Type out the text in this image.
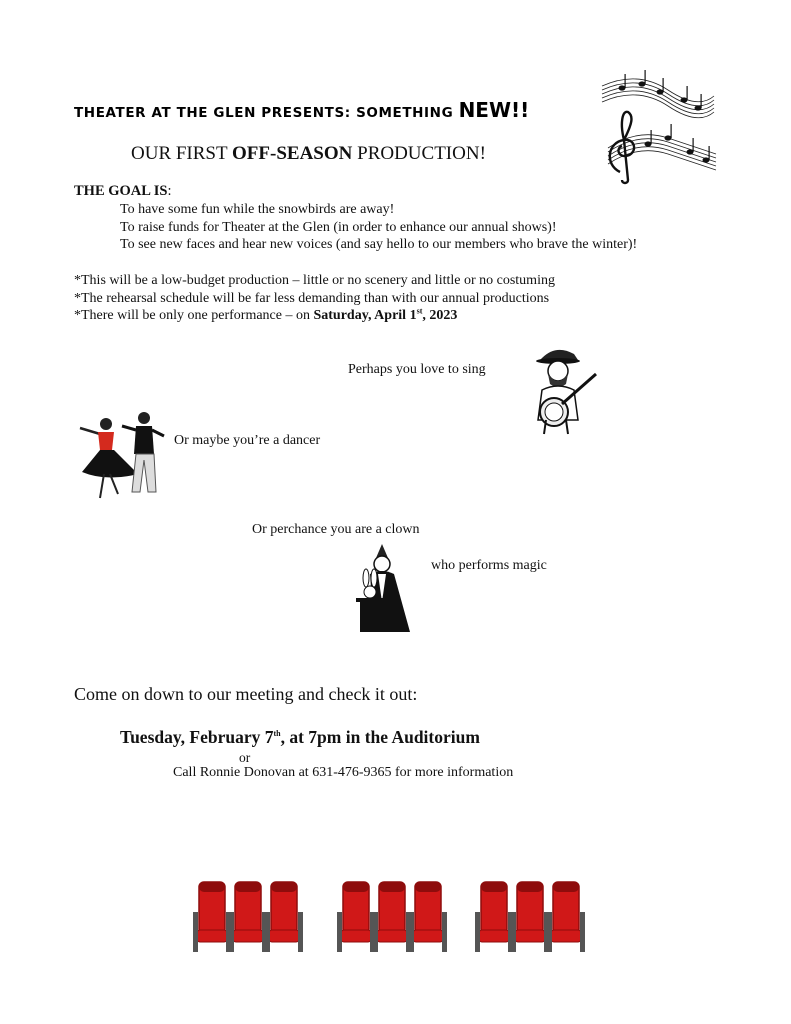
THEATER AT THE GLEN PRESENTS: SOMETHING NEW!!
OUR FIRST OFF-SEASON PRODUCTION!
THE GOAL IS:
To have some fun while the snowbirds are away!
To raise funds for Theater at the Glen (in order to enhance our annual shows)!
To see new faces and hear new voices (and say hello to our members who brave the winter)!
*This will be a low-budget production – little or no scenery and little or no costuming
*The rehearsal schedule will be far less demanding than with our annual productions
*There will be only one performance – on Saturday, April 1st, 2023
Perhaps you love to sing
Or maybe you’re a dancer
Or perchance you are a clown
who performs magic
Come on down to our meeting and check it out:
Tuesday, February 7th, at 7pm in the Auditorium
or
Call Ronnie Donovan at 631-476-9365 for more information
